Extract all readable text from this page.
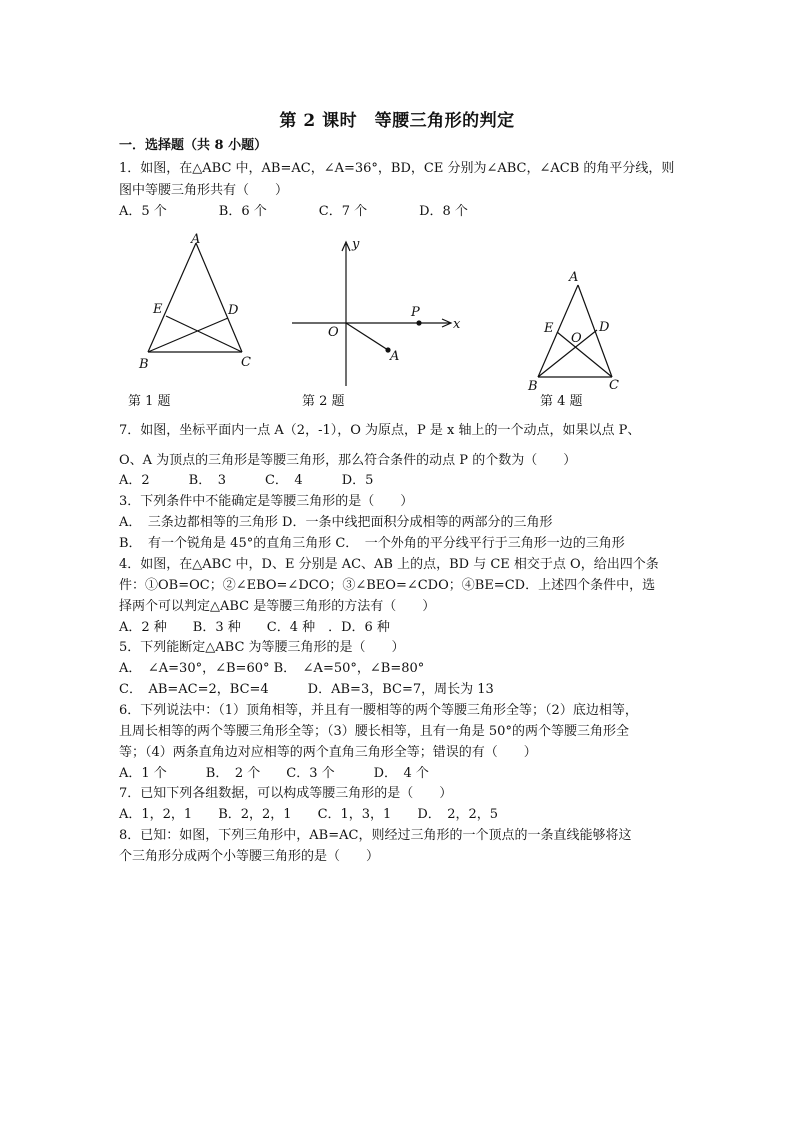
第 2 课时　等腰三角形的判定
一．选择题（共 8 小题）
1．如图，在△ABC 中，AB=AC，∠A=36°，BD，CE 分别为∠ABC，∠ACB 的角平分线，则
图中等腰三角形共有（　　）
A．5 个　　　　B．6 个　　　　C．7 个　　　　D．8 个
A
B	C
D
E
第 1 题
y
x
O
P
A
第 2 题
A
B	C
D
E
O
第 4 题
7．如图，坐标平面内一点 A（2，-1），O 为原点，P 是 x 轴上的一个动点，如果以点 P、
O、A 为顶点的三角形是等腰三角形，那么符合条件的动点 P 的个数为（　　）
A．2　　　B．　3　　　C．　4　　　D．5
3．下列条件中不能确定是等腰三角形的是（　　）
A．　三条边都相等的三角形 D．一条中线把面积分成相等的两部分的三角形
B．　有一个锐角是 45°的直角三角形 C．　一个外角的平分线平行于三角形一边的三角形
4．如图，在△ABC 中，D、E 分别是 AC、AB 上的点，BD 与 CE 相交于点 O，给出四个条
件：①OB=OC；②∠EBO=∠DCO；③∠BEO=∠CDO；④BE=CD．上述四个条件中，选
择两个可以判定△ABC 是等腰三角形的方法有（　　）
A．2 种　　B．3 种　　C．4 种　．D．6 种
5．下列能断定△ABC 为等腰三角形的是（　　）
A．　∠A=30°，∠B=60° B．　∠A=50°，∠B=80°
C．　AB=AC=2，BC=4　　　D．AB=3，BC=7，周长为 13
6．下列说法中：（1）顶角相等，并且有一腰相等的两个等腰三角形全等；（2）底边相等，
且周长相等的两个等腰三角形全等；（3）腰长相等，且有一角是 50°的两个等腰三角形全
等；（4）两条直角边对应相等的两个直角三角形全等；错误的有（　　）
A．1 个　　　B．　2 个　　C．3 个　　　D．　4 个
7．已知下列各组数据，可以构成等腰三角形的是（　　）
A．1，2，1　　B．2，2，1　　C．1，3，1　　D．　2，2，5
8．已知：如图，下列三角形中，AB=AC，则经过三角形的一个顶点的一条直线能够将这
个三角形分成两个小等腰三角形的是（　　）
